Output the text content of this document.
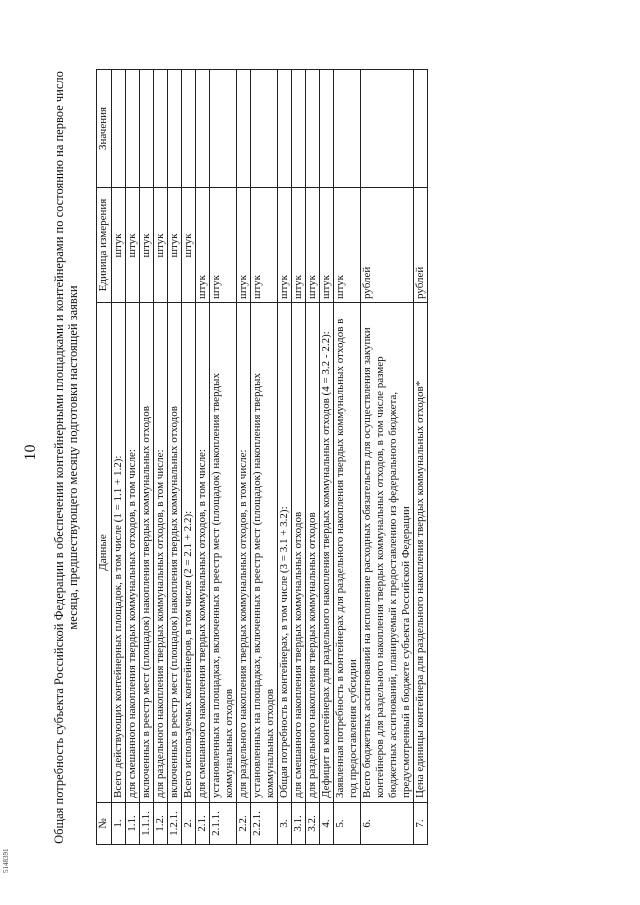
5148391
10 Общая потребность субъекта Российской Федерации в обеспечении контейнерными площадками и контейнерами по состоянию на первое число месяца, предшествующего месяцу подготовки настоящей заявки
№	Данные	Единица измерения	Значения
1.	Всего действующих контейнерных площадок, в том числе (1 = 1.1 + 1.2):	штук	
1.1.	для смешанного накопления твердых коммунальных отходов, в том числе:	штук	
1.1.1.	включенных в реестр мест (площадок) накопления твердых коммунальных отходов	штук	
1.2.	для раздельного накопления твердых коммунальных отходов, в том числе:	штук	
1.2.1.	включенных в реестр мест (площадок) накопления твердых коммунальных отходов	штук	
2.	Всего используемых контейнеров, в том числе (2 = 2.1 + 2.2):	штук	
2.1.	для смешанного накопления твердых коммунальных отходов, в том числе:	штук	
2.1.1.	установленных на площадках, включенных в реестр мест (площадок) накопления твердых коммунальных отходов	штук	
2.2.	для раздельного накопления твердых коммунальных отходов, в том числе:	штук	
2.2.1.	установленных на площадках, включенных в реестр мест (площадок) накопления твердых коммунальных отходов	штук	
3.	Общая потребность в контейнерах, в том числе (3 = 3.1 + 3.2):	штук	
3.1.	для смешанного накопления твердых коммунальных отходов	штук	
3.2.	для раздельного накопления твердых коммунальных отходов	штук	
4.	Дефицит в контейнерах для раздельного накопления твердых коммунальных отходов (4 = 3.2 - 2.2):	штук	
5.	Заявленная потребность в контейнерах для раздельного накопления твердых коммунальных отходов в год предоставления субсидии	штук	
6.	Всего бюджетных ассигнований на исполнение расходных обязательств для осуществления закупки контейнеров для раздельного накопления твердых коммунальных отходов, в том числе размер бюджетных ассигнований, планируемый к предоставлению из федерального бюджета, предусмотренный в бюджете субъекта Российской Федерации	рублей	
7.	Цена единицы контейнера для раздельного накопления твердых коммунальных отходов*	рублей	
